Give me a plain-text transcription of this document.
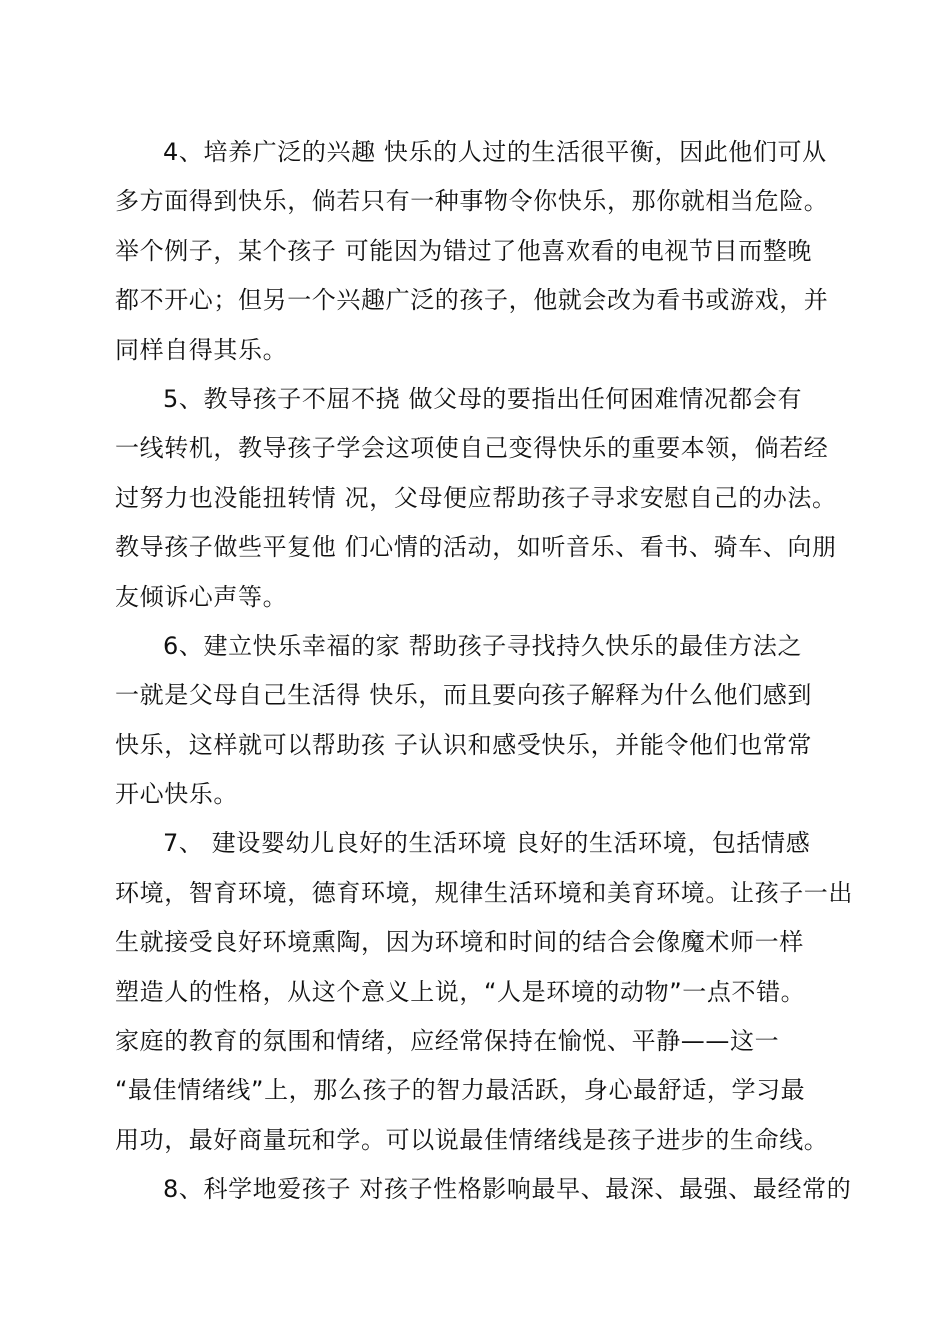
4、培养广泛的兴趣 快乐的人过的生活很平衡，因此他们可从
多方面得到快乐，倘若只有一种事物令你快乐，那你就相当危险。
举个例子，某个孩子 可能因为错过了他喜欢看的电视节目而整晚
都不开心；但另一个兴趣广泛的孩子，他就会改为看书或游戏，并
同样自得其乐。
5、教导孩子不屈不挠 做父母的要指出任何困难情况都会有
一线转机，教导孩子学会这项使自己变得快乐的重要本领，倘若经
过努力也没能扭转情 况，父母便应帮助孩子寻求安慰自己的办法。
教导孩子做些平复他 们心情的活动，如听音乐、看书、骑车、向朋
友倾诉心声等。
6、建立快乐幸福的家 帮助孩子寻找持久快乐的最佳方法之
一就是父母自己生活得 快乐，而且要向孩子解释为什么他们感到
快乐，这样就可以帮助孩 子认识和感受快乐，并能令他们也常常
开心快乐。
7、 建设婴幼儿良好的生活环境 良好的生活环境，包括情感
环境，智育环境，德育环境，规律生活环境和美育环境。让孩子一出
生就接受良好环境熏陶，因为环境和时间的结合会像魔术师一样
塑造人的性格，从这个意义上说，“人是环境的动物”一点不错。
家庭的教育的氛围和情绪，应经常保持在愉悦、平静——这一
“最佳情绪线”上，那么孩子的智力最活跃，身心最舒适，学习最
用功，最好商量玩和学。可以说最佳情绪线是孩子进步的生命线。
8、科学地爱孩子 对孩子性格影响最早、最深、最强、最经常的
